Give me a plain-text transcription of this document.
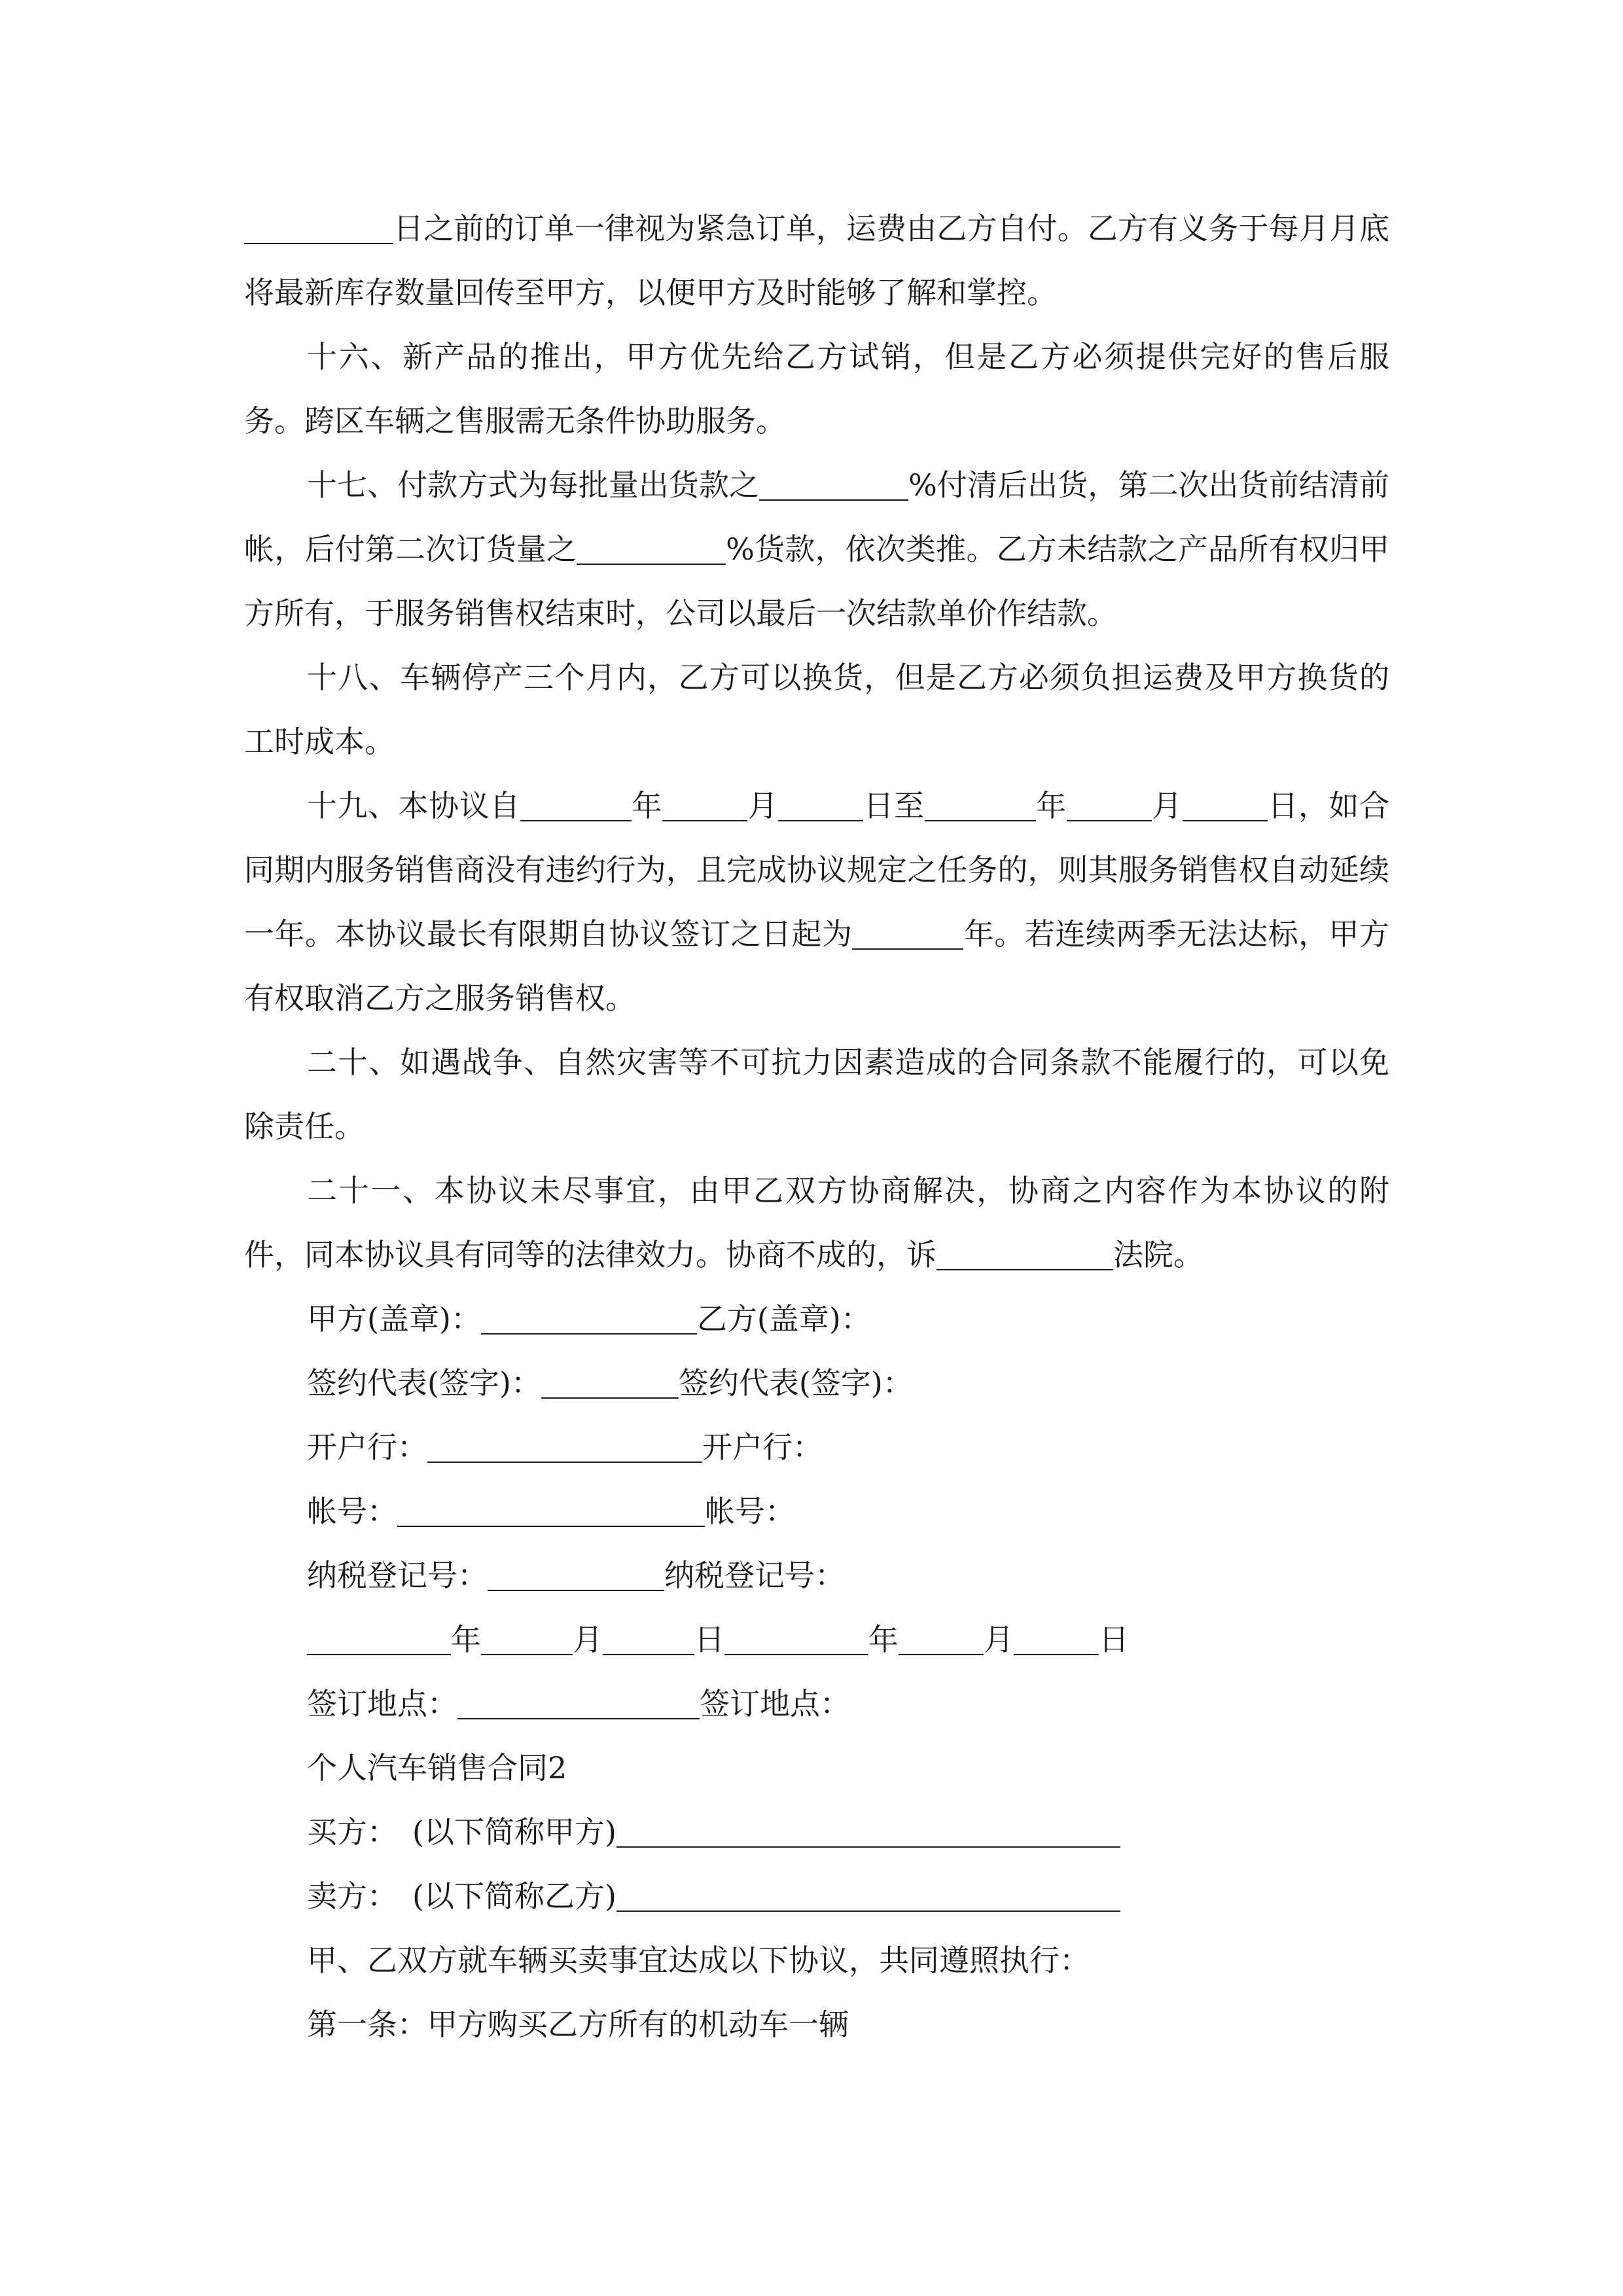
日之前的订单一律视为紧急订单，运费由乙方自付。乙方有义务于每月月底将最新库存数量回传至甲方，以便甲方及时能够了解和掌控。

十六、新产品的推出，甲方优先给乙方试销，但是乙方必须提供完好的售后服务。跨区车辆之售服需无条件协助服务。

十七、付款方式为每批量出货款之	%付清后出货，第二次出货前结清前帐，后付第二次订货量之	%货款，依次类推。乙方未结款之产品所有权归甲方所有，于服务销售权结束时，公司以最后一次结款单价作结款。

十八、车辆停产三个月内，乙方可以换货，但是乙方必须负担运费及甲方换货的工时成本。

十九、本协议自	年	月	日至	年	月	日，如合同期内服务销售商没有违约行为，且完成协议规定之任务的，则其服务销售权自动延续一年。本协议最长有限期自协议签订之日起为	年。若连续两季无法达标，甲方有权取消乙方之服务销售权。

二十、如遇战争、自然灾害等不可抗力因素造成的合同条款不能履行的，可以免除责任。

二十一、本协议未尽事宜，由甲乙双方协商解决，协商之内容作为本协议的附件，同本协议具有同等的法律效力。协商不成的，诉	法院。

甲方(盖章)：	乙方(盖章)：

签约代表(签字)：	签约代表(签字)：

开户行：	开户行：

帐号：	帐号：

纳税登记号：	纳税登记号：

年	月	日	年	月	日

签订地点：	签订地点：

个人汽车销售合同2

买方：　(以下简称甲方)

卖方：　(以下简称乙方)

甲、乙双方就车辆买卖事宜达成以下协议，共同遵照执行：

第一条：甲方购买乙方所有的机动车一辆
